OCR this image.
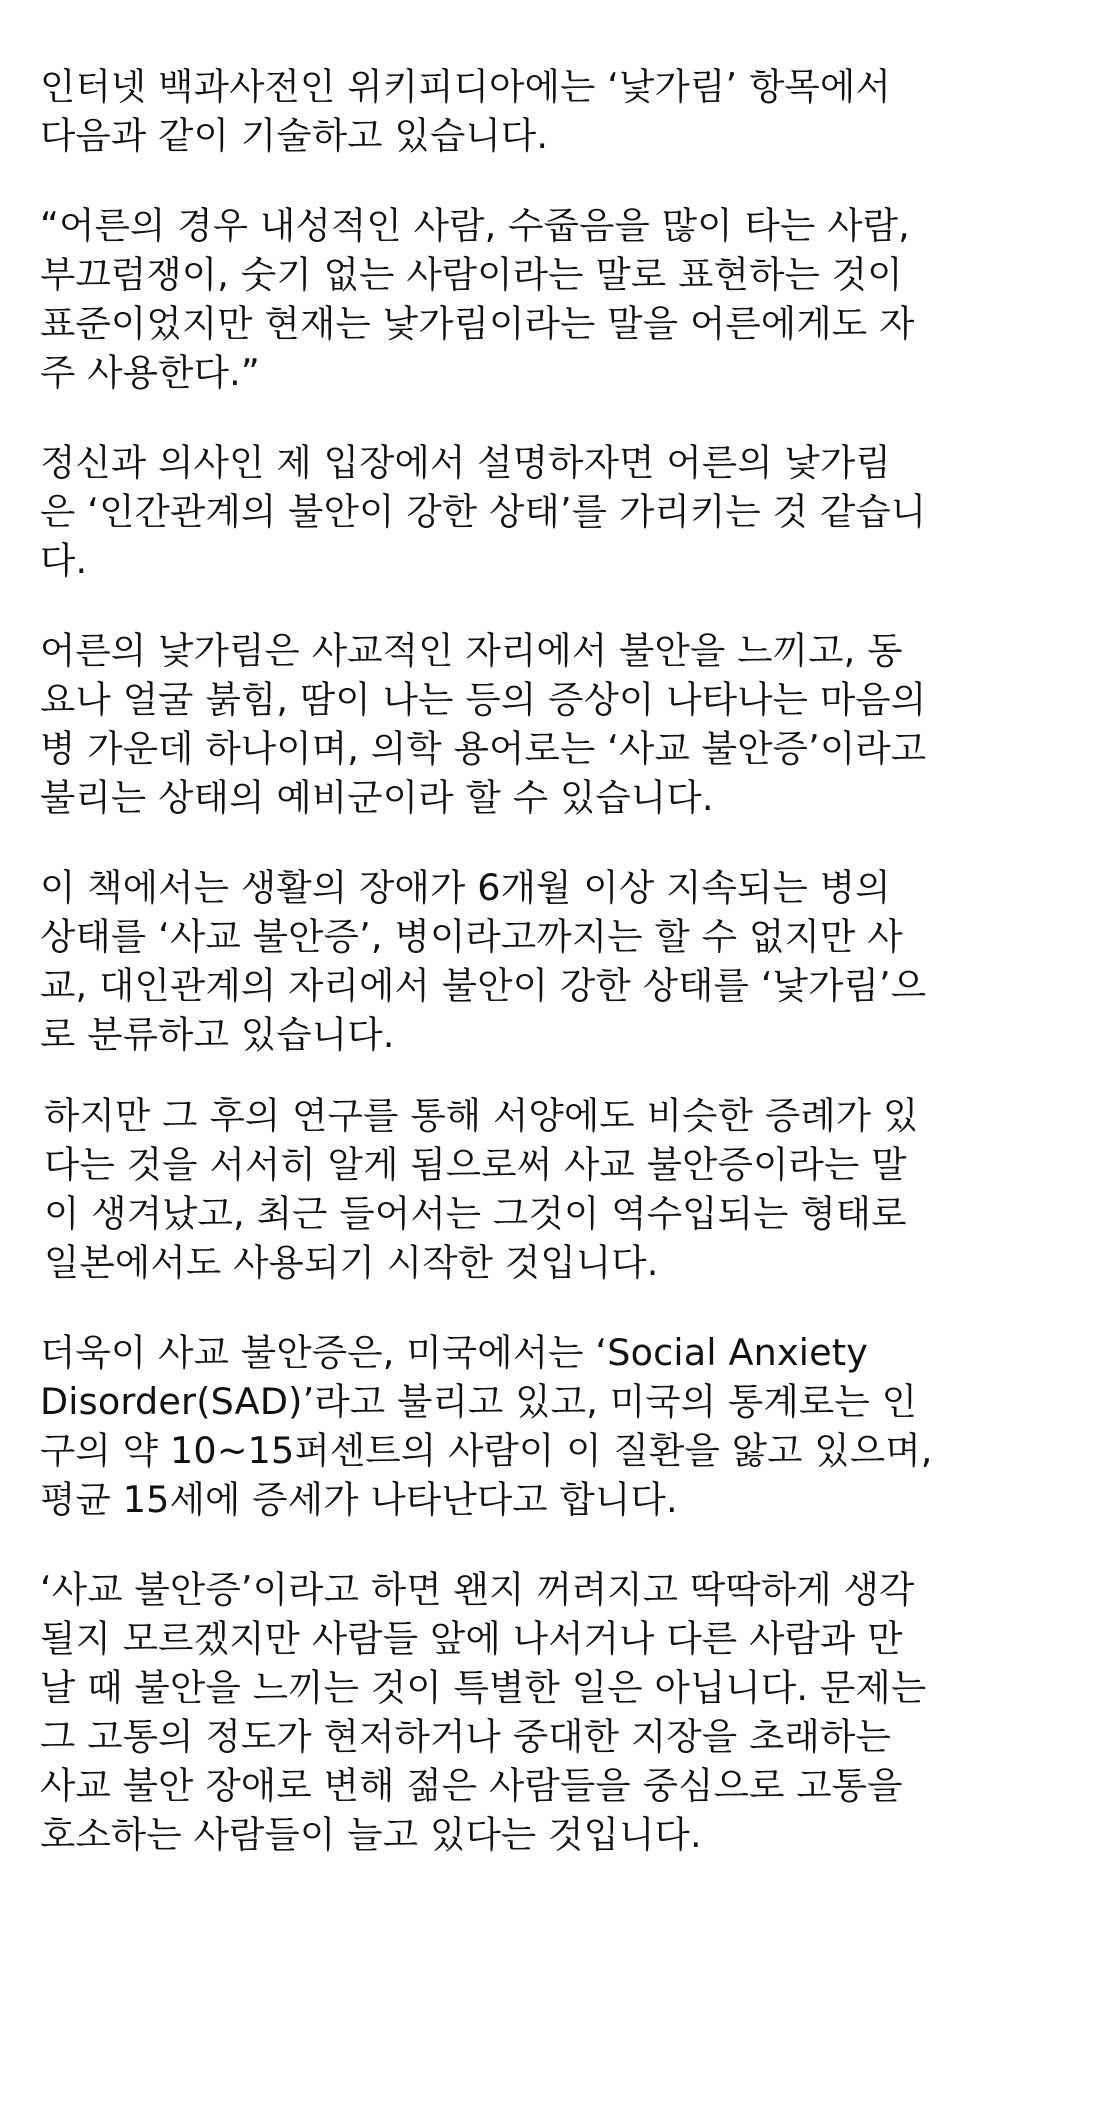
인터넷 백과사전인 위키피디아에는 ‘낯가림’ 항목에서
다음과 같이 기술하고 있습니다.

“어른의 경우 내성적인 사람, 수줍음을 많이 타는 사람,
부끄럼쟁이, 숫기 없는 사람이라는 말로 표현하는 것이
표준이었지만 현재는 낯가림이라는 말을 어른에게도 자
주 사용한다.”

정신과 의사인 제 입장에서 설명하자면 어른의 낯가림
은 ‘인간관계의 불안이 강한 상태’를 가리키는 것 같습니
다.

어른의 낯가림은 사교적인 자리에서 불안을 느끼고, 동
요나 얼굴 붉힘, 땀이 나는 등의 증상이 나타나는 마음의
병 가운데 하나이며, 의학 용어로는 ‘사교 불안증’이라고
불리는 상태의 예비군이라 할 수 있습니다.

이 책에서는 생활의 장애가 6개월 이상 지속되는 병의
상태를 ‘사교 불안증’, 병이라고까지는 할 수 없지만 사
교, 대인관계의 자리에서 불안이 강한 상태를 ‘낯가림’으
로 분류하고 있습니다.

하지만 그 후의 연구를 통해 서양에도 비슷한 증례가 있
다는 것을 서서히 알게 됨으로써 사교 불안증이라는 말
이 생겨났고, 최근 들어서는 그것이 역수입되는 형태로
일본에서도 사용되기 시작한 것입니다.

더욱이 사교 불안증은, 미국에서는 ‘Social Anxiety
Disorder(SAD)’라고 불리고 있고, 미국의 통계로는 인
구의 약 10~15퍼센트의 사람이 이 질환을 앓고 있으며,
평균 15세에 증세가 나타난다고 합니다.

‘사교 불안증’이라고 하면 왠지 꺼려지고 딱딱하게 생각
될지 모르겠지만 사람들 앞에 나서거나 다른 사람과 만
날 때 불안을 느끼는 것이 특별한 일은 아닙니다. 문제는
그 고통의 정도가 현저하거나 중대한 지장을 초래하는
사교 불안 장애로 변해 젊은 사람들을 중심으로 고통을
호소하는 사람들이 늘고 있다는 것입니다.
